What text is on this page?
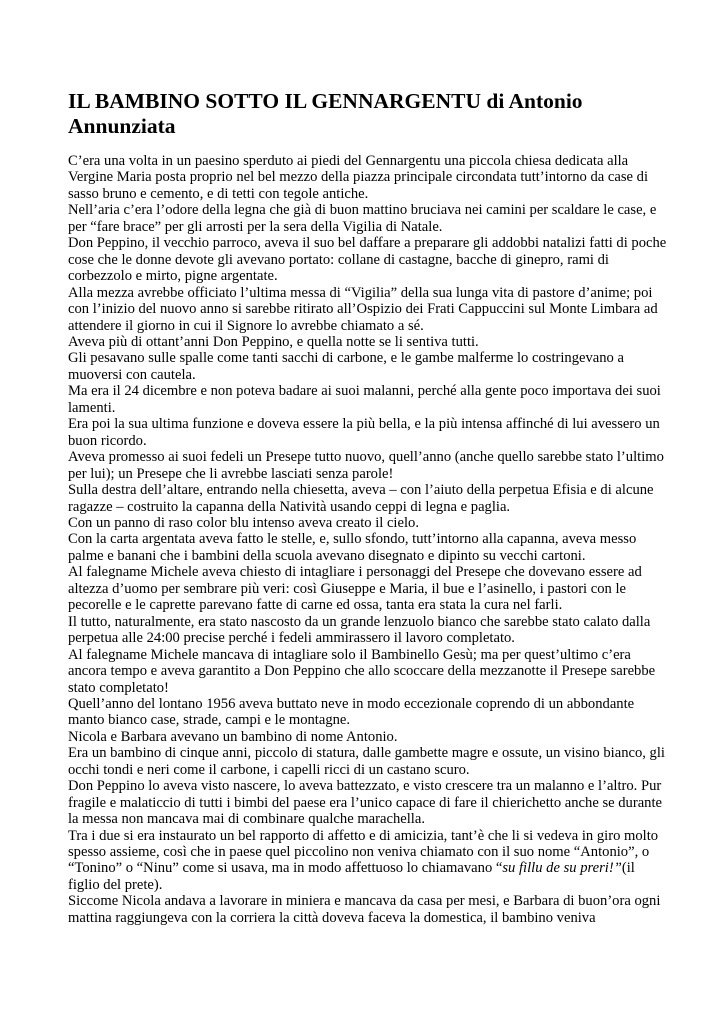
IL BAMBINO SOTTO IL GENNARGENTU di Antonio Annunziata

C’era una volta in un paesino sperduto ai piedi del Gennargentu una piccola chiesa dedicata alla Vergine Maria posta proprio nel bel mezzo della piazza principale circondata tutt’intorno da case di sasso bruno e cemento, e di tetti con tegole antiche.

Nell’aria c’era l’odore della legna che già di buon mattino bruciava nei camini per scaldare le case, e per “fare brace” per gli arrosti per la sera della Vigilia di Natale.

Don Peppino, il vecchio parroco, aveva il suo bel daffare a preparare gli addobbi natalizi fatti di poche cose che le donne devote gli avevano portato: collane di castagne, bacche di ginepro, rami di corbezzolo e mirto, pigne argentate.

Alla mezza avrebbe officiato l’ultima messa di “Vigilia” della sua lunga vita di pastore d’anime; poi con l’inizio del nuovo anno si sarebbe ritirato all’Ospizio dei Frati Cappuccini sul Monte Limbara ad attendere il giorno in cui il Signore lo avrebbe chiamato a sé.

Aveva più di ottant’anni Don Peppino, e quella notte se li sentiva tutti.

Gli pesavano sulle spalle come tanti sacchi di carbone, e le gambe malferme lo costringevano a muoversi con cautela.

Ma era il 24 dicembre e non poteva badare ai suoi malanni, perché alla gente poco importava dei suoi lamenti.

Era poi la sua ultima funzione e doveva essere la più bella, e la più intensa affinché di lui avessero un buon ricordo.

Aveva promesso ai suoi fedeli un Presepe tutto nuovo, quell’anno (anche quello sarebbe stato l’ultimo per lui); un Presepe che li avrebbe lasciati senza parole!

Sulla destra dell’altare, entrando nella chiesetta, aveva – con l’aiuto della perpetua Efisia e di alcune ragazze – costruito la capanna della Natività usando ceppi di legna e paglia.

Con un panno di raso color blu intenso aveva creato il cielo.

Con la carta argentata aveva fatto le stelle, e, sullo sfondo, tutt’intorno alla capanna, aveva messo palme e banani che i bambini della scuola avevano disegnato e dipinto su vecchi cartoni.

Al falegname Michele aveva chiesto di intagliare i personaggi del Presepe che dovevano essere ad altezza d’uomo per sembrare più veri: così Giuseppe e Maria, il bue e l’asinello, i pastori con le pecorelle e le caprette parevano fatte di carne ed ossa, tanta era stata la cura nel farli.

Il tutto, naturalmente, era stato nascosto da un grande lenzuolo bianco che sarebbe stato calato dalla perpetua alle 24:00 precise perché i fedeli ammirassero il lavoro completato.

Al falegname Michele mancava di intagliare solo il Bambinello Gesù; ma per quest’ultimo c’era ancora tempo e aveva garantito a Don Peppino che allo scoccare della mezzanotte il Presepe sarebbe stato completato!

Quell’anno del lontano 1956 aveva buttato neve in modo eccezionale coprendo di un abbondante manto bianco case, strade, campi e le montagne.

Nicola e Barbara avevano un bambino di nome Antonio.

Era un bambino di cinque anni, piccolo di statura, dalle gambette magre e ossute, un visino bianco, gli occhi tondi e neri come il carbone, i capelli ricci di un castano scuro.

Don Peppino lo aveva visto nascere, lo aveva battezzato, e visto crescere tra un malanno e l’altro. Pur fragile e malaticcio di tutti i bimbi del paese era l’unico capace di fare il chierichetto anche se durante la messa non mancava mai di combinare qualche marachella.

Tra i due si era instaurato un bel rapporto di affetto e di amicizia, tant’è che li si vedeva in giro molto spesso assieme, così che in paese quel piccolino non veniva chiamato con il suo nome “Antonio”, o “Tonino” o “Ninu” come si usava, ma in modo affettuoso lo chiamavano “su fillu de su preri!”(il figlio del prete).

Siccome Nicola andava a lavorare in miniera e mancava da casa per mesi, e Barbara di buon’ora ogni mattina raggiungeva con la corriera la città doveva faceva la domestica, il bambino veniva
